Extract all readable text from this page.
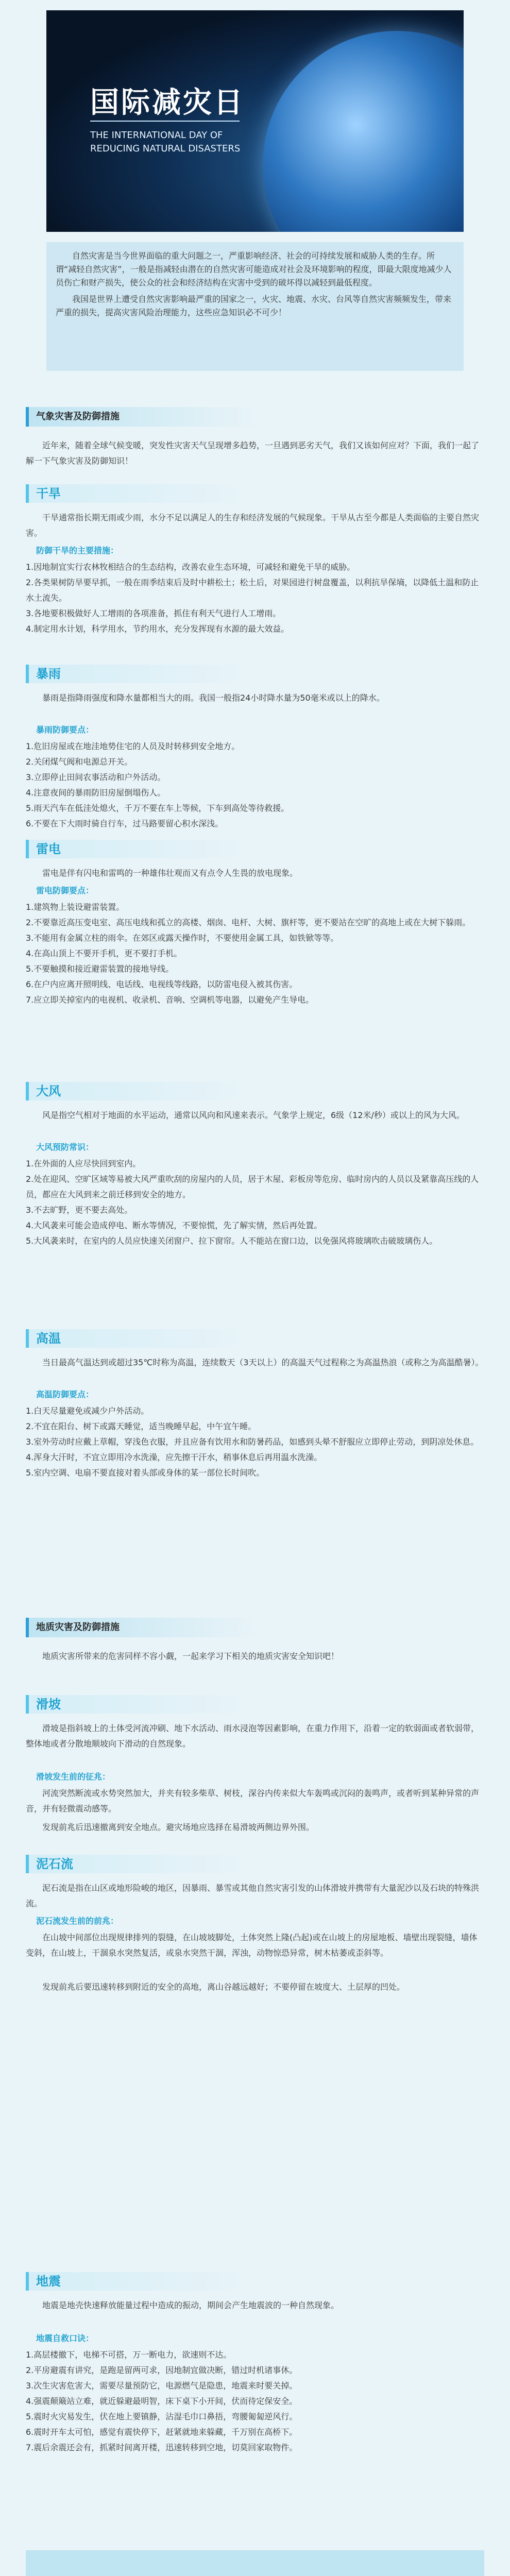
国际减灾日
THE INTERNATIONAL DAY OF REDUCING NATURAL DISASTERS

自然灾害是当今世界面临的重大问题之一，严重影响经济、社会的可持续发展和威胁人类的生存。所谓“减轻自然灾害”，一般是指减轻由潜在的自然灾害可能造成对社会及环境影响的程度，即最大限度地减少人员伤亡和财产损失，使公众的社会和经济结构在灾害中受到的破坏得以减轻到最低程度。

我国是世界上遭受自然灾害影响最严重的国家之一，火灾、地震、水灾、台风等自然灾害频频发生，带来严重的损失，提高灾害风险治理能力，这些应急知识必不可少！

气象灾害及防御措施
近年来，随着全球气候变暖，突发性灾害天气呈现增多趋势，一旦遇到恶劣天气，我们又该如何应对？下面，我们一起了解一下气象灾害及防御知识！
干旱
干旱通常指长期无雨或少雨，水分不足以满足人的生存和经济发展的气候现象。干旱从古至今都是人类面临的主要自然灾害。
防御干旱的主要措施：

1.因地制宜实行农林牧相结合的生态结构，改善农业生态环境，可减轻和避免干旱的威胁。

2.各类果树防旱要早抓，一般在雨季结束后及时中耕松土；松土后，对果园进行树盘覆盖，以利抗旱保墒，以降低土温和防止水土流失。

3.各地要积极做好人工增雨的各项准备，抓住有利天气进行人工增雨。

4.制定用水计划，科学用水，节约用水，充分发挥现有水源的最大效益。

暴雨
暴雨是指降雨强度和降水量都相当大的雨。我国一般指24小时降水量为50毫米或以上的降水。
暴雨防御要点：

1.危旧房屋或在地洼地势住宅的人员及时转移到安全地方。

2.关闭煤气阀和电源总开关。

3.立即停止田间农事活动和户外活动。

4.注意夜间的暴雨防旧房屋倒塌伤人。

5.雨天汽车在低洼处熄火，千万不要在车上等候，下车到高处等待救援。

6.不要在下大雨时骑自行车，过马路要留心积水深浅。

雷电
雷电是伴有闪电和雷鸣的一种雄伟壮观而又有点令人生畏的放电现象。
雷电防御要点：

1.建筑物上装设避雷装置。

2.不要靠近高压变电室、高压电线和孤立的高楼、烟囱、电杆、大树、旗杆等，更不要站在空旷的高地上或在大树下躲雨。

3.不能用有金属立柱的雨伞。在郊区或露天操作时，不要使用金属工具，如铁锨等等。

4.在高山顶上不要开手机，更不要打手机。

5.不要触摸和接近避雷装置的接地导线。

6.在户内应离开照明线、电话线、电视线等线路，以防雷电侵入被其伤害。

7.应立即关掉室内的电视机、收录机、音响、空调机等电器，以避免产生导电。

大风
风是指空气相对于地面的水平运动，通常以风向和风速来表示。气象学上规定，6级（12米/秒）或以上的风为大风。
大风预防常识：

1.在外面的人应尽快回到室内。

2.处在迎风、空旷区域等易被大风严重吹刮的房屋内的人员，居于木屋、彩板房等危房、临时房内的人员以及紧靠高压线的人员，都应在大风到来之前迁移到安全的地方。

3.不去旷野，更不要去高处。

4.大风袭来可能会造成停电、断水等情况，不要惊慌，先了解实情，然后再处置。

5.大风袭来时，在室内的人员应快速关闭窗户、拉下窗帘。人不能站在窗口边，以免强风将玻璃吹击破玻璃伤人。

高温
当日最高气温达到或超过35℃时称为高温，连续数天（3天以上）的高温天气过程称之为高温热浪（或称之为高温酷暑）。
高温防御要点：

1.白天尽量避免或减少户外活动。

2.不宜在阳台、树下或露天睡觉，适当晚睡早起，中午宜午睡。

3.室外劳动时应戴上草帽，穿浅色衣服，并且应备有饮用水和防暑药品，如感到头晕不舒服应立即停止劳动，到阴凉处休息。

4.浑身大汗时，不宜立即用冷水洗澡，应先擦干汗水，稍事休息后再用温水洗澡。

5.室内空调、电扇不要直接对着头部或身体的某一部位长时间吹。

地质灾害及防御措施
地质灾害所带来的危害同样不容小觑，一起来学习下相关的地质灾害安全知识吧！
滑坡
滑坡是指斜坡上的土体受河流冲刷、地下水活动、雨水浸泡等因素影响，在重力作用下，沿着一定的软弱面或者软弱带，整体地或者分散地顺坡向下滑动的自然现象。
滑坡发生前的征兆：
河流突然断流或水势突然加大，并夹有较多柴草、树枝，深谷内传来似大车轰鸣或沉闷的轰鸣声，或者听到某种异常的声音，并有轻微震动感等。
发现前兆后迅速撤离到安全地点。避灾场地应选择在易滑坡两侧边界外围。
泥石流
泥石流是指在山区或地形险峻的地区，因暴雨、暴雪或其他自然灾害引发的山体滑坡并携带有大量泥沙以及石块的特殊洪流。
泥石流发生前的前兆：
在山坡中间部位出现规律排列的裂缝，在山坡坡脚处，土体突然上隆(凸起)或在山坡上的房屋地板、墙壁出现裂缝，墙体变斜，在山坡上，干涸泉水突然复活，或泉水突然干涸，浑浊，动物惊恐异常，树木枯萎或歪斜等。
发现前兆后要迅速转移到附近的安全的高地，离山谷越远越好；不要停留在坡度大、土层厚的凹处。
地震
地震是地壳快速释放能量过程中造成的振动，期间会产生地震波的一种自然现象。
地震自救口诀：

1.高层楼撤下，电梯不可搭，万一断电力，欲速则不达。

2.平房避震有讲究，是跑是留两可求，因地制宜做决断，错过时机诸事休。

3.次生灾害危害大，需要尽量预防它，电源燃气是隐患，地震来时要关掉。

4.强震颠簸站立难，就近躲避最明智，床下桌下小开间，伏而待定保安全。

5.震时火灾易发生，伏在地上要镇静，沾湿毛巾口鼻捂，弯腰匍匐逆风行。

6.震时开车太可怕，感觉有震快停下，赶紧就地来躲藏，千万别在高桥下。

7.震后余震还会有，抓紧时间离开楼，迅速转移到空地，切莫回家取物件。
